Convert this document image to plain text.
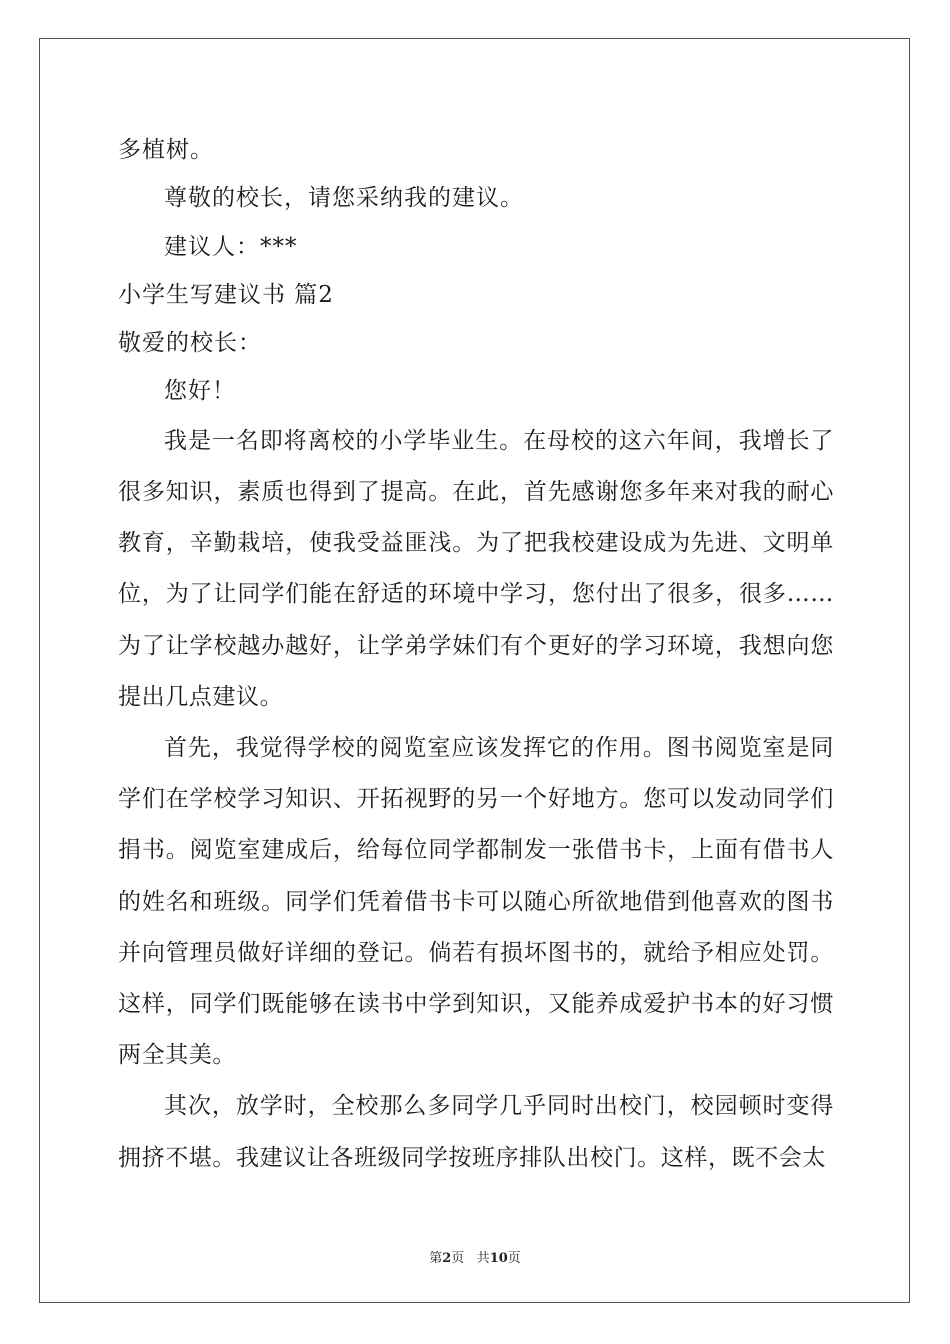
多植树。
尊敬的校长，请您采纳我的建议。
建议人：***
小学生写建议书 篇2
敬爱的校长：
您好！
我是一名即将离校的小学毕业生。在母校的这六年间，我增长了很多知识，素质也得到了提高。在此，首先感谢您多年来对我的耐心教育，辛勤栽培，使我受益匪浅。为了把我校建设成为先进、文明单位，为了让同学们能在舒适的环境中学习，您付出了很多，很多……为了让学校越办越好，让学弟学妹们有个更好的学习环境，我想向您提出几点建议。
首先，我觉得学校的阅览室应该发挥它的作用。图书阅览室是同学们在学校学习知识、开拓视野的另一个好地方。您可以发动同学们捐书。阅览室建成后，给每位同学都制发一张借书卡，上面有借书人的姓名和班级。同学们凭着借书卡可以随心所欲地借到他喜欢的图书并向管理员做好详细的登记。倘若有损坏图书的，就给予相应处罚。这样，同学们既能够在读书中学到知识，又能养成爱护书本的好习惯两全其美。
其次，放学时，全校那么多同学几乎同时出校门，校园顿时变得拥挤不堪。我建议让各班级同学按班序排队出校门。这样，既不会太
第2页 共10页
